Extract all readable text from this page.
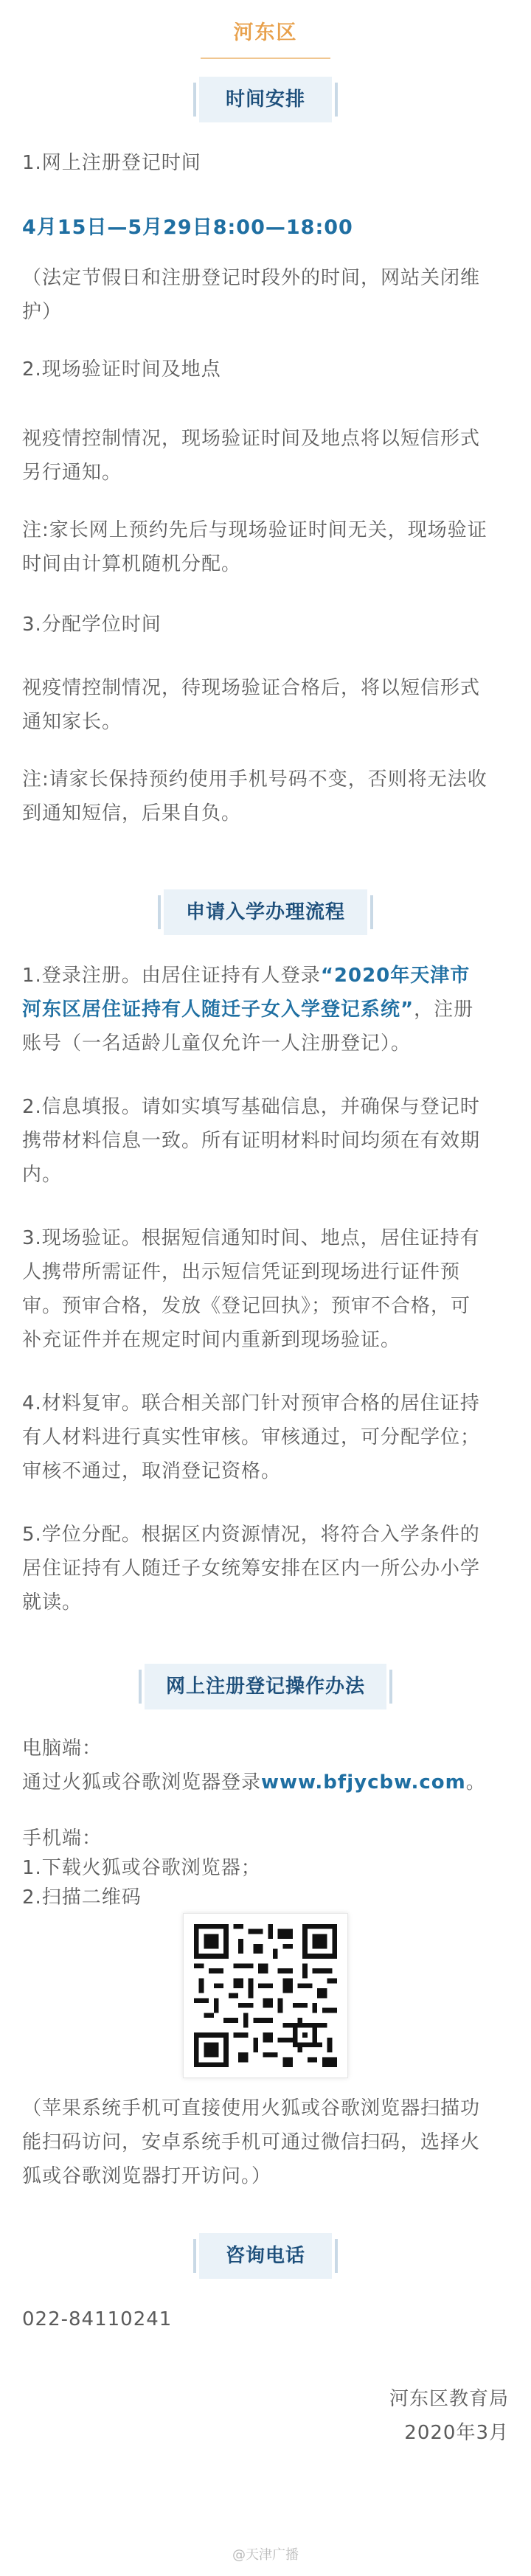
河东区
时间安排
1.网上注册登记时间
4月15日—5月29日8:00—18:00
（法定节假日和注册登记时段外的时间，网站关闭维
护）
2.现场验证时间及地点
视疫情控制情况，现场验证时间及地点将以短信形式
另行通知。
注:家长网上预约先后与现场验证时间无关，现场验证
时间由计算机随机分配。
3.分配学位时间
视疫情控制情况，待现场验证合格后，将以短信形式
通知家长。
注:请家长保持预约使用手机号码不变，否则将无法收
到通知短信，后果自负。
申请入学办理流程
1.登录注册。由居住证持有人登录“2020年天津市
河东区居住证持有人随迁子女入学登记系统”，注册
账号（一名适龄儿童仅允许一人注册登记）。
2.信息填报。请如实填写基础信息，并确保与登记时
携带材料信息一致。所有证明材料时间均须在有效期
内。
3.现场验证。根据短信通知时间、地点，居住证持有
人携带所需证件，出示短信凭证到现场进行证件预
审。预审合格，发放《登记回执》；预审不合格，可
补充证件并在规定时间内重新到现场验证。
4.材料复审。联合相关部门针对预审合格的居住证持
有人材料进行真实性审核。审核通过，可分配学位；
审核不通过，取消登记资格。
5.学位分配。根据区内资源情况，将符合入学条件的
居住证持有人随迁子女统筹安排在区内一所公办小学
就读。
网上注册登记操作办法
电脑端：
通过火狐或谷歌浏览器登录www.bfjycbw.com。
手机端：
1.下载火狐或谷歌浏览器；
2.扫描二维码
（苹果系统手机可直接使用火狐或谷歌浏览器扫描功
能扫码访问，安卓系统手机可通过微信扫码，选择火
狐或谷歌浏览器打开访问。）
咨询电话
022-84110241
河东区教育局
2020年3月
@天津广播
